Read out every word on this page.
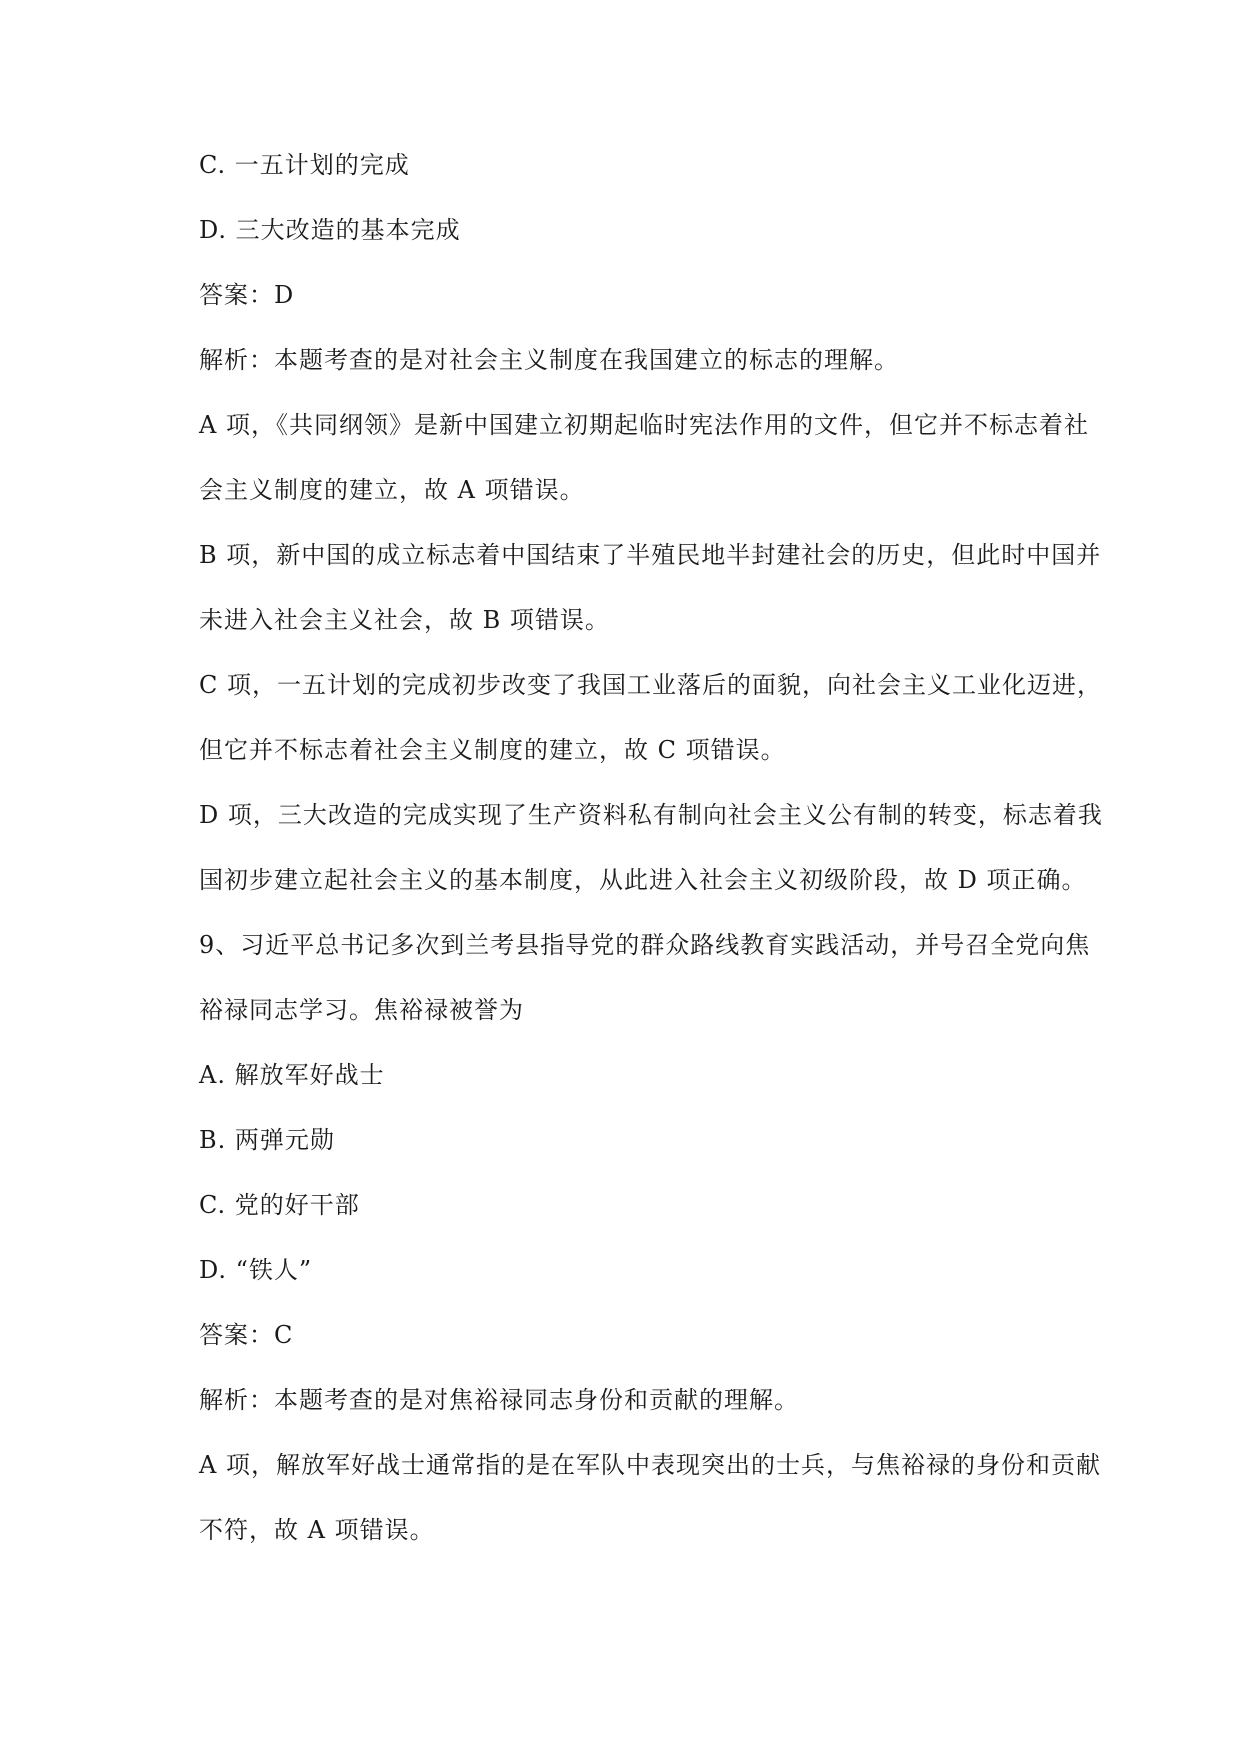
C. 一五计划的完成
D. 三大改造的基本完成
答案：D
解析：本题考查的是对社会主义制度在我国建立的标志的理解。
A 项，《共同纲领》是新中国建立初期起临时宪法作用的文件，但它并不标志着社
会主义制度的建立，故 A 项错误。
B 项，新中国的成立标志着中国结束了半殖民地半封建社会的历史，但此时中国并
未进入社会主义社会，故 B 项错误。
C 项，一五计划的完成初步改变了我国工业落后的面貌，向社会主义工业化迈进，
但它并不标志着社会主义制度的建立，故 C 项错误。
D 项，三大改造的完成实现了生产资料私有制向社会主义公有制的转变，标志着我
国初步建立起社会主义的基本制度，从此进入社会主义初级阶段，故 D 项正确。
9、习近平总书记多次到兰考县指导党的群众路线教育实践活动，并号召全党向焦
裕禄同志学习。焦裕禄被誉为
A. 解放军好战士
B. 两弹元勋
C. 党的好干部
D. “铁人”
答案：C
解析：本题考查的是对焦裕禄同志身份和贡献的理解。
A 项，解放军好战士通常指的是在军队中表现突出的士兵，与焦裕禄的身份和贡献
不符，故 A 项错误。
